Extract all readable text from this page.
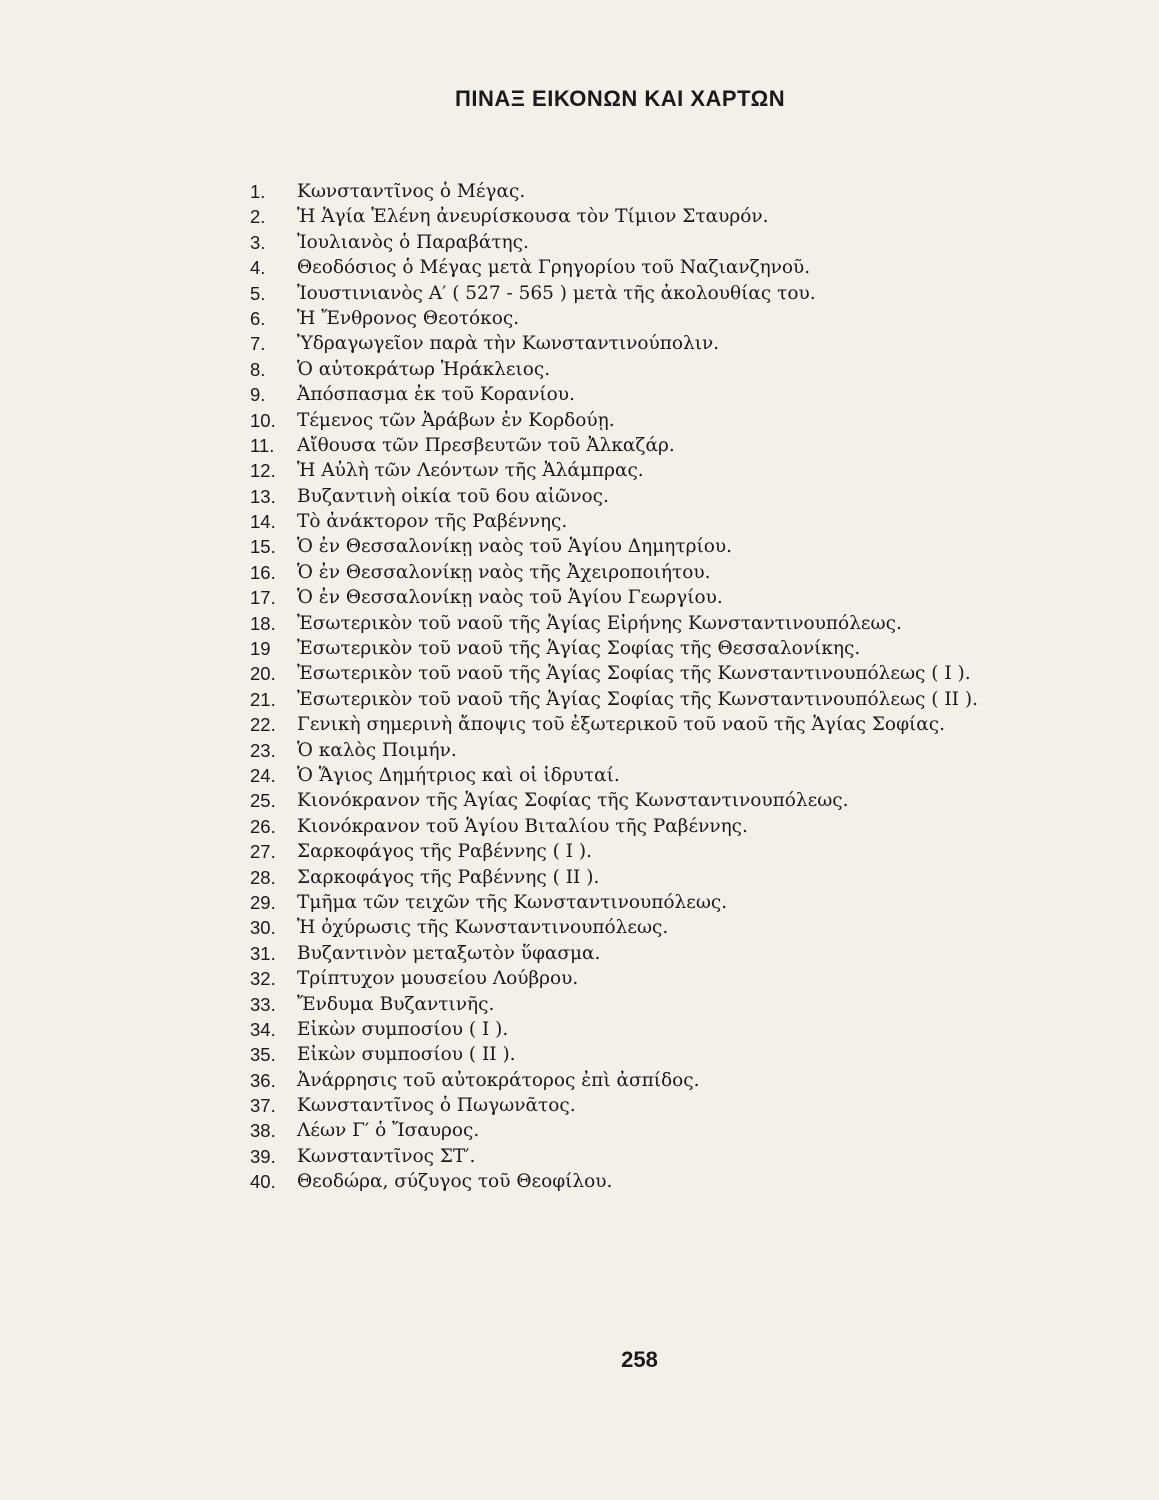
ΠΙΝΑΞ ΕΙΚΟΝΩΝ ΚΑΙ ΧΑΡΤΩΝ
1.	Κωνσταντῖνος ὁ Μέγας.
2.	Ἡ Ἁγία Ἑλένη ἀνευρίσκουσα τὸν Τίμιον Σταυρόν.
3.	Ἰουλιανὸς ὁ Παραβάτης.
4.	Θεοδόσιος ὁ Μέγας μετὰ Γρηγορίου τοῦ Ναζιανζηνοῦ.
5.	Ἰουστινιανὸς Α′ ( 527 - 565 ) μετὰ τῆς ἀκολουθίας του.
6.	Ἡ Ἔνθρονος Θεοτόκος.
7.	Ὑδραγωγεῖον παρὰ τὴν Κωνσταντινούπολιν.
8.	Ὁ αὐτοκράτωρ Ἡράκλειος.
9.	Ἀπόσπασμα ἐκ τοῦ Κορανίου.
10.	Τέμενος τῶν Ἀράβων ἐν Κορδούῃ.
11.	Αἴθουσα τῶν Πρεσβευτῶν τοῦ Ἀλκαζάρ.
12.	Ἡ Αὐλὴ τῶν Λεόντων τῆς Ἀλάμπρας.
13.	Βυζαντινὴ οἰκία τοῦ 6ου αἰῶνος.
14.	Τὸ ἀνάκτορον τῆς Ραβέννης.
15.	Ὁ ἐν Θεσσαλονίκῃ ναὸς τοῦ Ἁγίου Δημητρίου.
16.	Ὁ ἐν Θεσσαλονίκῃ ναὸς τῆς Ἀχειροποιήτου.
17.	Ὁ ἐν Θεσσαλονίκῃ ναὸς τοῦ Ἁγίου Γεωργίου.
18.	Ἐσωτερικὸν τοῦ ναοῦ τῆς Ἁγίας Εἰρήνης Κωνσταντινουπόλεως.
19	Ἐσωτερικὸν τοῦ ναοῦ τῆς Ἁγίας Σοφίας τῆς Θεσσαλονίκης.
20.	Ἐσωτερικὸν τοῦ ναοῦ τῆς Ἁγίας Σοφίας τῆς Κωνσταντινουπόλεως ( Ι ).
21.	Ἐσωτερικὸν τοῦ ναοῦ τῆς Ἁγίας Σοφίας τῆς Κωνσταντινουπόλεως ( ΙΙ ).
22.	Γενικὴ σημερινὴ ἄποψις τοῦ ἐξωτερικοῦ τοῦ ναοῦ τῆς Ἁγίας Σοφίας.
23.	Ὁ καλὸς Ποιμήν.
24.	Ὁ Ἅγιος Δημήτριος καὶ οἱ ἱδρυταί.
25.	Κιονόκρανον τῆς Ἁγίας Σοφίας τῆς Κωνσταντινουπόλεως.
26.	Κιονόκρανον τοῦ Ἁγίου Βιταλίου τῆς Ραβέννης.
27.	Σαρκοφάγος τῆς Ραβέννης ( Ι ).
28.	Σαρκοφάγος τῆς Ραβέννης ( ΙΙ ).
29.	Τμῆμα τῶν τειχῶν τῆς Κωνσταντινουπόλεως.
30.	Ἡ ὀχύρωσις τῆς Κωνσταντινουπόλεως.
31.	Βυζαντινὸν μεταξωτὸν ὕφασμα.
32.	Τρίπτυχον μουσείου Λούβρου.
33.	Ἔνδυμα Βυζαντινῆς.
34.	Εἰκὼν συμποσίου ( Ι ).
35.	Εἰκὼν συμποσίου ( ΙΙ ).
36.	Ἀνάρρησις τοῦ αὐτοκράτορος ἐπὶ ἀσπίδος.
37.	Κωνσταντῖνος ὁ Πωγωνᾶτος.
38.	Λέων Γ′ ὁ Ἴσαυρος.
39.	Κωνσταντῖνος ΣΤ′.
40.	Θεοδώρα, σύζυγος τοῦ Θεοφίλου.
258
